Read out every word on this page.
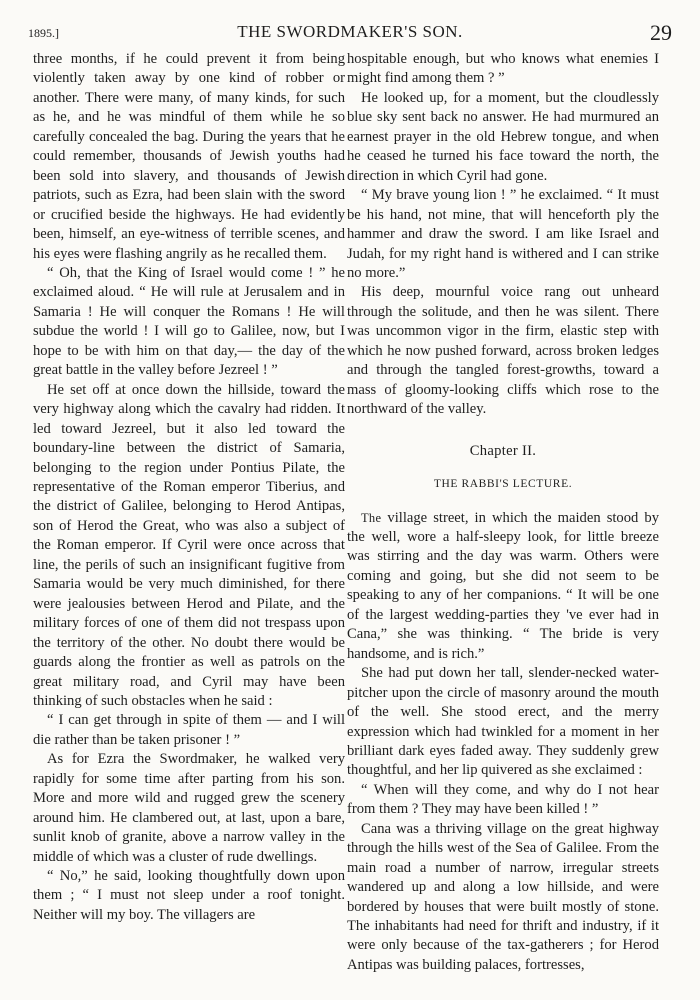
1895.]	THE SWORDMAKER'S SON.	29

three months, if he could prevent it from being violently taken away by one kind of robber or another. There were many, of many kinds, for such as he, and he was mindful of them while he so carefully concealed the bag. During the years that he could remember, thousands of Jewish youths had been sold into slavery, and thousands of Jewish patriots, such as Ezra, had been slain with the sword or crucified beside the highways. He had evidently been, himself, an eye-witness of terrible scenes, and his eyes were flashing angrily as he recalled them.

“ Oh, that the King of Israel would come ! ” he exclaimed aloud. “ He will rule at Jerusalem and in Samaria ! He will conquer the Romans ! He will subdue the world ! I will go to Galilee, now, but I hope to be with him on that day,— the day of the great battle in the valley before Jezreel ! ”

He set off at once down the hillside, toward the very highway along which the cavalry had ridden. It led toward Jezreel, but it also led toward the boundary-line between the district of Samaria, belonging to the region under Pontius Pilate, the representative of the Roman emperor Tiberius, and the district of Galilee, belonging to Herod Antipas, son of Herod the Great, who was also a subject of the Roman emperor. If Cyril were once across that line, the perils of such an insignificant fugitive from Samaria would be very much diminished, for there were jealousies between Herod and Pilate, and the military forces of one of them did not trespass upon the territory of the other. No doubt there would be guards along the frontier as well as patrols on the great military road, and Cyril may have been thinking of such obstacles when he said :

“ I can get through in spite of them — and I will die rather than be taken prisoner ! ”

As for Ezra the Swordmaker, he walked very rapidly for some time after parting from his son. More and more wild and rugged grew the scenery around him. He clambered out, at last, upon a bare, sunlit knob of granite, above a narrow valley in the middle of which was a cluster of rude dwellings.

“ No,” he said, looking thoughtfully down upon them ; “ I must not sleep under a roof tonight. Neither will my boy. The villagers are

hospitable enough, but who knows what enemies I might find among them ? ”

He looked up, for a moment, but the cloudlessly blue sky sent back no answer. He had murmured an earnest prayer in the old Hebrew tongue, and when he ceased he turned his face toward the north, the direction in which Cyril had gone.

“ My brave young lion ! ” he exclaimed. “ It must be his hand, not mine, that will henceforth ply the hammer and draw the sword. I am like Israel and Judah, for my right hand is withered and I can strike no more.”

His deep, mournful voice rang out unheard through the solitude, and then he was silent. There was uncommon vigor in the firm, elastic step with which he now pushed forward, across broken ledges and through the tangled forest-growths, toward a mass of gloomy-looking cliffs which rose to the northward of the valley.

Chapter II.
THE RABBI'S LECTURE.

The village street, in which the maiden stood by the well, wore a half-sleepy look, for little breeze was stirring and the day was warm. Others were coming and going, but she did not seem to be speaking to any of her companions. “ It will be one of the largest wedding-parties they 've ever had in Cana,” she was thinking. “ The bride is very handsome, and is rich.”

She had put down her tall, slender-necked water-pitcher upon the circle of masonry around the mouth of the well. She stood erect, and the merry expression which had twinkled for a moment in her brilliant dark eyes faded away. They suddenly grew thoughtful, and her lip quivered as she exclaimed :

“ When will they come, and why do I not hear from them ? They may have been killed ! ”

Cana was a thriving village on the great highway through the hills west of the Sea of Galilee. From the main road a number of narrow, irregular streets wandered up and along a low hillside, and were bordered by houses that were built mostly of stone. The inhabitants had need for thrift and industry, if it were only because of the tax-gatherers ; for Herod Antipas was building palaces, fortresses,
